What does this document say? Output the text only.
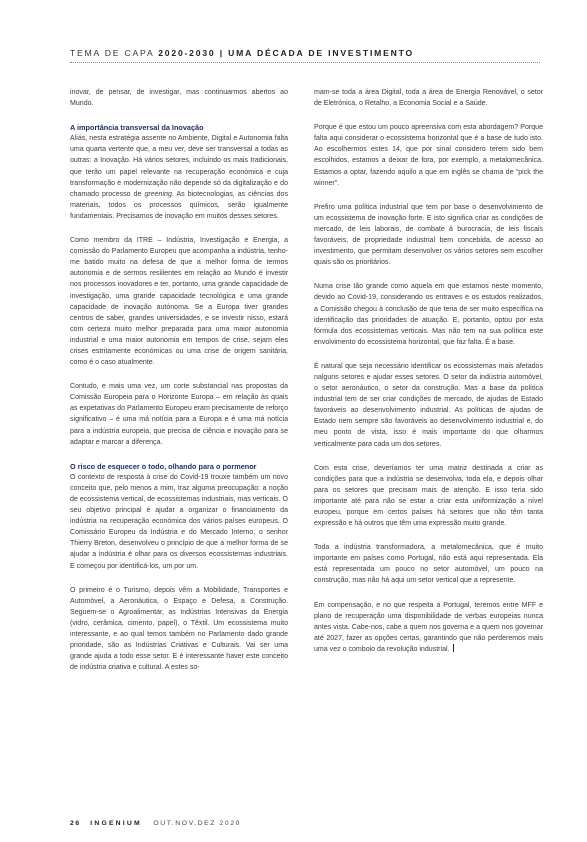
TEMA DE CAPA 2020-2030 | UMA DÉCADA DE INVESTIMENTO

inovar, de pensar, de investigar, mas continuarmos abertos ao Mundo.

A importância transversal da Inovação

Aliás, nesta estratégia assente no Ambiente, Digital e Autonomia falta uma quarta vertente que, a meu ver, deve ser transversal a todas as outras: a Inovação. Há vários setores, incluindo os mais tradicionais, que terão um papel relevante na recuperação económica e cuja transformação e modernização não depende só da digitalização e do chamado processo de greening. As biotecnologias, as ciências dos materiais, todos os processos químicos, serão igualmente fundamentais. Precisamos de inovação em muitos desses setores.

Como membro da ITRE – Indústria, Investigação e Energia, a comissão do Parlamento Europeu que acompanha a indústria, tenho-me batido muito na defesa de que a melhor forma de termos autonomia e de sermos resilientes em relação ao Mundo é investir nos processos inovadores e ter, portanto, uma grande capacidade de investigação, uma grande capacidade tecnológica e uma grande capacidade de inovação autónoma. Se a Europa tiver grandes centros de saber, grandes universidades, e se investir nisso, estará com certeza muito melhor preparada para uma maior autonomia industrial e uma maior autonomia em tempos de crise, sejam eles crises estritamente económicas ou uma crise de origem sanitária, como é o caso atualmente.

Contudo, e mais uma vez, um corte substancial nas propostas da Comissão Europeia para o Horizonte Europa – em relação às quais as expetativas do Parlamento Europeu eram precisamente de reforço significativo – é uma má notícia para a Europa e é uma má notícia para a indústria europeia, que precisa de ciência e inovação para se adaptar e marcar a diferença.

O risco de esquecer o todo, olhando para o pormenor

O contexto de resposta à crise do Covid-19 trouxe também um novo conceito que, pelo menos a mim, traz alguma preocupação: a noção de ecossistema vertical, de ecossistemas industriais, mas verticais. O seu objetivo principal é ajudar a organizar o financiamento da indústria na recuperação económica dos vários países europeus. O Comissário Europeu da Indústria e do Mercado Interno, o senhor Thierry Breton, desenvolveu o princípio de que a melhor forma de se ajudar a indústria é olhar para os diversos ecossistemas industriais. E começou por identificá-los, um por um.

O primeiro é o Turismo, depois vêm a Mobilidade, Transportes e Automóvel, a Aeronáutica, o Espaço e Defesa, a Construção. Seguem-se o Agroalimentar, as Indústrias Intensivas da Energia (vidro, cerâmica, cimento, papel), o Têxtil. Um ecossistema muito interessante, e ao qual temos também no Parlamento dado grande prioridade, são as Indústrias Criativas e Culturais. Vai ser uma grande ajuda a todo esse setor. E é interessante haver este conceito de indústria criativa e cultural. A estes so-

mam-se toda a área Digital, toda a área de Energia Renovável, o setor de Eletrónica, o Retalho, a Economia Social e a Saúde.

Porque é que estou um pouco apreensiva com esta abordagem? Porque falta aqui considerar o ecossistema horizontal que é a base de tudo isto. Ao escolhermos estes 14, que por sinal considero terem sido bem escolhidos, estamos a deixar de fora, por exemplo, a metalomecânica. Estamos a optar, fazendo aquilo a que em inglês se chama de “pick the winner”.

Prefiro uma política industrial que tem por base o desenvolvimento de um ecossistema de inovação forte. E isto significa criar as condições de mercado, de leis laborais, de combate à burocracia, de leis fiscais favoráveis, de propriedade industrial bem concebida, de acesso ao investimento, que permitam desenvolver os vários setores sem escolher quais são os prioritários.

Numa crise tão grande como aquela em que estamos neste momento, devido ao Covid-19, considerando os entraves e os estudos realizados, a Comissão chegou à conclusão de que teria de ser muito específica na identificação das prioridades de atuação. E, portanto, optou por esta fórmula dos ecossistemas verticais. Mas não tem na sua política este envolvimento do ecossistema horizontal, que faz falta. É a base.

É natural que seja necessário identificar os ecossistemas mais afetados nalguns setores e ajudar esses setores. O setor da indústria automóvel, o setor aeronáutico, o setor da construção. Mas a base da política industrial tem de ser criar condições de mercado, de ajudas de Estado favoráveis ao desenvolvimento industrial. As políticas de ajudas de Estado nem sempre são favoráveis ao desenvolvimento industrial e, do meu ponto de vista, isso é mais importante do que olharmos verticalmente para cada um dos setores.

Com esta crise, deveríamos ter uma matriz destinada a criar as condições para que a indústria se desenvolva, toda ela, e depois olhar para os setores que precisam mais de atenção. E isso teria sido importante até para não se estar a criar esta uniformização a nível europeu, porque em certos países há setores que não têm tanta expressão e há outros que têm uma expressão muito grande.

Toda a indústria transformadora, a metalomecânica, que é muito importante em países como Portugal, não está aqui representada. Ela está representada um pouco no setor automóvel, um pouco na construção, mas não há aqui um setor vertical que a represente.

Em compensação, e no que respeita a Portugal, teremos entre MFF e plano de recuperação uma disponibilidade de verbas europeias nunca antes vista. Cabe-nos, cabe a quem nos governa e a quem nos governar até 2027, fazer as opções certas, garantindo que não perderemos mais uma vez o comboio da revolução industrial.

26 INGENIUM OUT.NOV.DEZ 2020
